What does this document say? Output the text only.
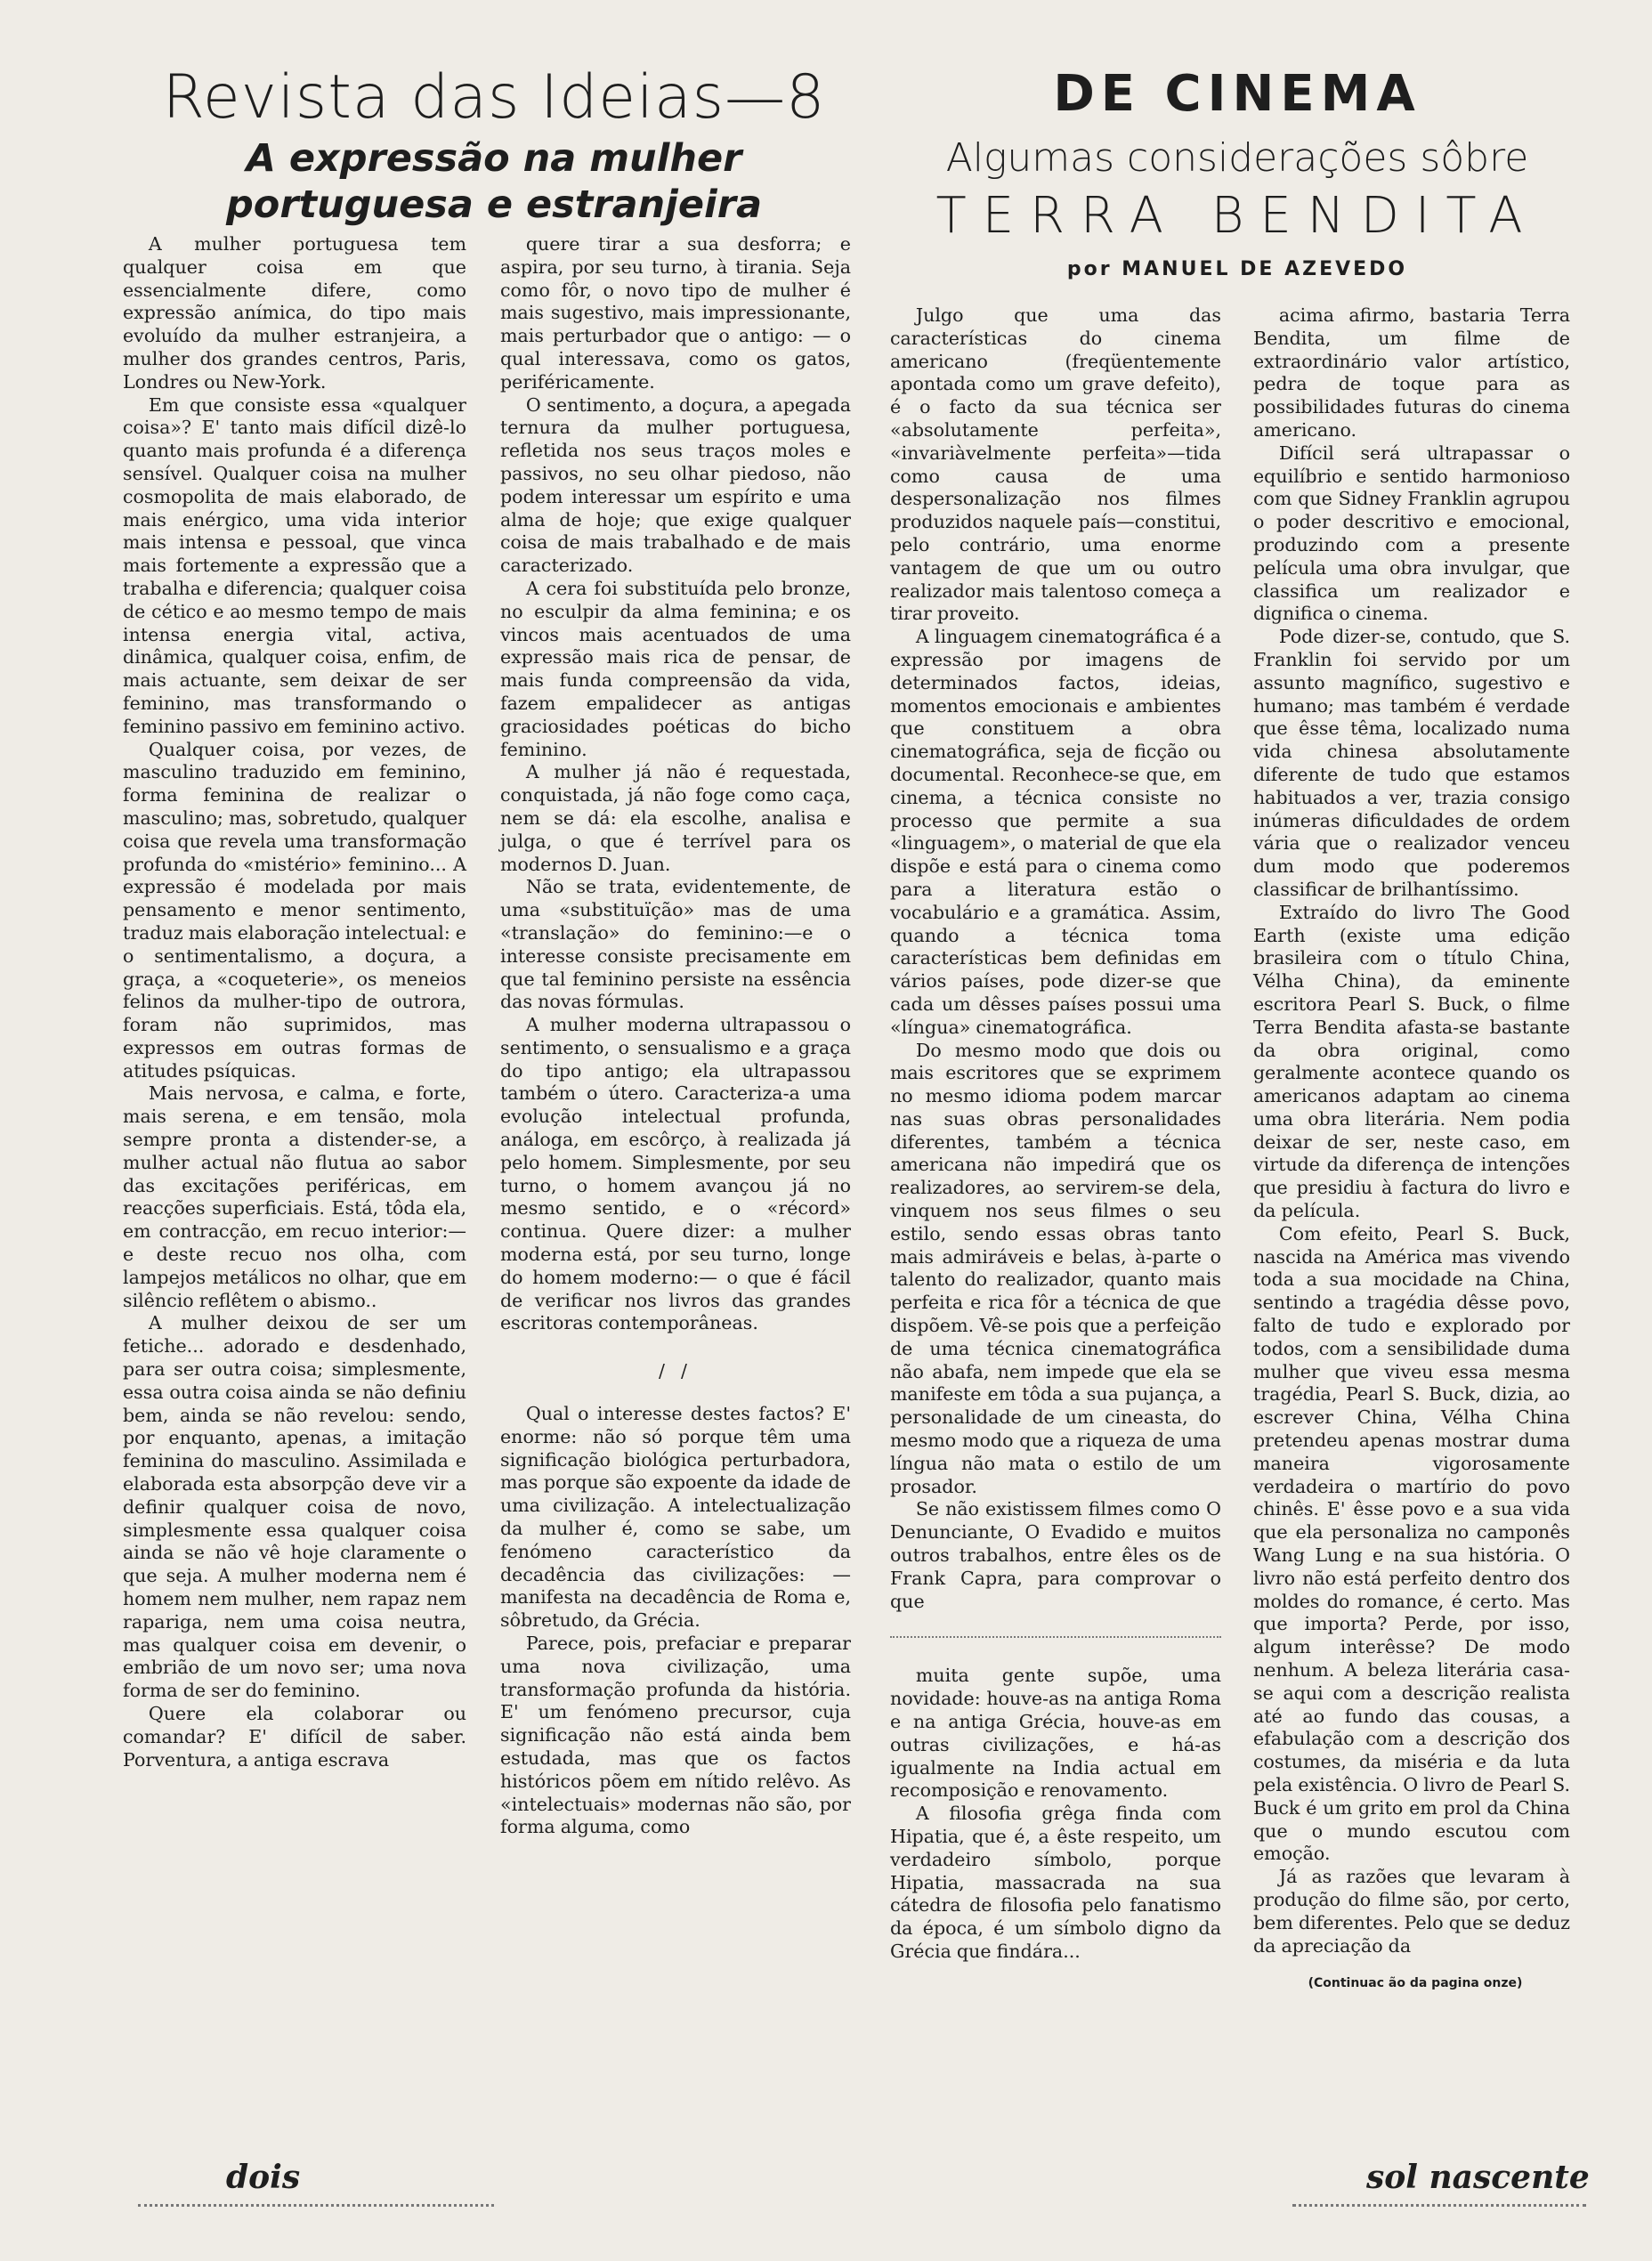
Revista das Ideias—8
A expressão na mulher
portuguesa e estranjeira
DE CINEMA
Algumas considerações sôbre
TERRA BENDITA
por MANUEL DE AZEVEDO

A mulher portuguesa tem qualquer coisa em que essencialmente difere, como expressão anímica, do tipo mais evoluído da mulher estranjeira, a mulher dos grandes centros, Paris, Londres ou New-York.

Em que consiste essa «qualquer coisa»? E' tanto mais difícil dizê-lo quanto mais profunda é a diferença sensível. Qualquer coisa na mulher cosmopolita de mais elaborado, de mais enérgico, uma vida interior mais intensa e pessoal, que vinca mais fortemente a expressão que a trabalha e diferencia; qualquer coisa de cético e ao mesmo tempo de mais intensa energia vital, activa, dinâmica, qualquer coisa, enfim, de mais actuante, sem deixar de ser feminino, mas transformando o feminino passivo em feminino activo.

Qualquer coisa, por vezes, de masculino traduzido em feminino, forma feminina de realizar o masculino; mas, sobretudo, qualquer coisa que revela uma transformação profunda do «mistério» feminino... A expressão é modelada por mais pensamento e menor sentimento, traduz mais elaboração intelectual: e o sentimentalismo, a doçura, a graça, a «coqueterie», os meneios felinos da mulher-tipo de outrora, foram não suprimidos, mas expressos em outras formas de atitudes psíquicas.

Mais nervosa, e calma, e forte, mais serena, e em tensão, mola sempre pronta a distender-se, a mulher actual não flutua ao sabor das excitações periféricas, em reacções superficiais. Está, tôda ela, em contracção, em recuo interior:—e deste recuo nos olha, com lampejos metálicos no olhar, que em silêncio reflêtem o abismo..

A mulher deixou de ser um fetiche... adorado e desdenhado, para ser outra coisa; simplesmente, essa outra coisa ainda se não definiu bem, ainda se não revelou: sendo, por enquanto, apenas, a imitação feminina do masculino. Assimilada e elaborada esta absorpção deve vir a definir qualquer coisa de novo, simplesmente essa qualquer coisa ainda se não vê hoje claramente o que seja. A mulher moderna nem é homem nem mulher, nem rapaz nem rapariga, nem uma coisa neutra, mas qualquer coisa em devenir, o embrião de um novo ser; uma nova forma de ser do feminino.

Quere ela colaborar ou comandar? E' difícil de saber. Porventura, a antiga escrava

quere tirar a sua desforra; e aspira, por seu turno, à tirania. Seja como fôr, o novo tipo de mulher é mais sugestivo, mais impressionante, mais perturbador que o antigo: — o qual interessava, como os gatos, periféricamente.

O sentimento, a doçura, a apegada ternura da mulher portuguesa, refletida nos seus traços moles e passivos, no seu olhar piedoso, não podem interessar um espírito e uma alma de hoje; que exige qualquer coisa de mais trabalhado e de mais caracterizado.

A cera foi substituída pelo bronze, no esculpir da alma feminina; e os vincos mais acentuados de uma expressão mais rica de pensar, de mais funda compreensão da vida, fazem empalidecer as antigas graciosidades poéticas do bicho feminino.

A mulher já não é requestada, conquistada, já não foge como caça, nem se dá: ela escolhe, analisa e julga, o que é terrível para os modernos D. Juan.

Não se trata, evidentemente, de uma «substituïção» mas de uma «translação» do feminino:—e o interesse consiste precisamente em que tal feminino persiste na essência das novas fórmulas.

A mulher moderna ultrapassou o sentimento, o sensualismo e a graça do tipo antigo; ela ultrapassou também o útero. Caracteriza-a uma evolução intelectual profunda, análoga, em escôrço, à realizada já pelo homem. Simplesmente, por seu turno, o homem avançou já no mesmo sentido, e o «récord» continua. Quere dizer: a mulher moderna está, por seu turno, longe do homem moderno:— o que é fácil de verificar nos livros das grandes escritoras contemporâneas.

/ /

Qual o interesse destes factos? E' enorme: não só porque têm uma significação biológica perturbadora, mas porque são expoente da idade de uma civilização. A intelectualização da mulher é, como se sabe, um fenómeno característico da decadência das civilizações: — manifesta na decadência de Roma e, sôbretudo, da Grécia.

Parece, pois, prefaciar e preparar uma nova civilização, uma transformação profunda da história. E' um fenómeno precursor, cuja significação não está ainda bem estudada, mas que os factos históricos põem em nítido relêvo. As «intelectuais» modernas não são, por forma alguma, como

Julgo que uma das características do cinema americano (freqüentemente apontada como um grave defeito), é o facto da sua técnica ser «absolutamente perfeita», «invariàvelmente perfeita»—tida como causa de uma despersonalização nos filmes produzidos naquele país—constitui, pelo contrário, uma enorme vantagem de que um ou outro realizador mais talentoso começa a tirar proveito.

A linguagem cinematográfica é a expressão por imagens de determinados factos, ideias, momentos emocionais e ambientes que constituem a obra cinematográfica, seja de ficção ou documental. Reconhece-se que, em cinema, a técnica consiste no processo que permite a sua «linguagem», o material de que ela dispõe e está para o cinema como para a literatura estão o vocabulário e a gramática. Assim, quando a técnica toma características bem definidas em vários países, pode dizer-se que cada um dêsses países possui uma «língua» cinematográfica.

Do mesmo modo que dois ou mais escritores que se exprimem no mesmo idioma podem marcar nas suas obras personalidades diferentes, também a técnica americana não impedirá que os realizadores, ao servirem-se dela, vinquem nos seus filmes o seu estilo, sendo essas obras tanto mais admiráveis e belas, à-parte o talento do realizador, quanto mais perfeita e rica fôr a técnica de que dispõem. Vê-se pois que a perfeição de uma técnica cinematográfica não abafa, nem impede que ela se manifeste em tôda a sua pujança, a personalidade de um cineasta, do mesmo modo que a riqueza de uma língua não mata o estilo de um prosador.

Se não existissem filmes como O Denunciante, O Evadido e muitos outros trabalhos, entre êles os de Frank Capra, para comprovar o que

muita gente supõe, uma novidade: houve-as na antiga Roma e na antiga Grécia, houve-as em outras civilizações, e há-as igualmente na India actual em recomposição e renovamento.

A filosofia grêga finda com Hipatia, que é, a êste respeito, um verdadeiro símbolo, porque Hipatia, massacrada na sua cátedra de filosofia pelo fanatismo da época, é um símbolo digno da Grécia que findára...

acima afirmo, bastaria Terra Bendita, um filme de extraordinário valor artístico, pedra de toque para as possibilidades futuras do cinema americano.

Difícil será ultrapassar o equilíbrio e sentido harmonioso com que Sidney Franklin agrupou o poder descritivo e emocional, produzindo com a presente película uma obra invulgar, que classifica um realizador e dignifica o cinema.

Pode dizer-se, contudo, que S. Franklin foi servido por um assunto magnífico, sugestivo e humano; mas também é verdade que êsse têma, localizado numa vida chinesa absolutamente diferente de tudo que estamos habituados a ver, trazia consigo inúmeras dificuldades de ordem vária que o realizador venceu dum modo que poderemos classificar de brilhantíssimo.

Extraído do livro The Good Earth (existe uma edição brasileira com o título China, Vélha China), da eminente escritora Pearl S. Buck, o filme Terra Bendita afasta-se bastante da obra original, como geralmente acontece quando os americanos adaptam ao cinema uma obra literária. Nem podia deixar de ser, neste caso, em virtude da diferença de intenções que presidiu à factura do livro e da película.

Com efeito, Pearl S. Buck, nascida na América mas vivendo toda a sua mocidade na China, sentindo a tragédia dêsse povo, falto de tudo e explorado por todos, com a sensibilidade duma mulher que viveu essa mesma tragédia, Pearl S. Buck, dizia, ao escrever China, Vélha China pretendeu apenas mostrar duma maneira vigorosamente verdadeira o martírio do povo chinês. E' êsse povo e a sua vida que ela personaliza no camponês Wang Lung e na sua história. O livro não está perfeito dentro dos moldes do romance, é certo. Mas que importa? Perde, por isso, algum interêsse? De modo nenhum. A beleza literária casa-se aqui com a descrição realista até ao fundo das cousas, a efabulação com a descrição dos costumes, da miséria e da luta pela existência. O livro de Pearl S. Buck é um grito em prol da China que o mundo escutou com emoção.

Já as razões que levaram à produção do filme são, por certo, bem diferentes. Pelo que se deduz da apreciação da

(Continuac ão da pagina onze)
dois	sol nascente
